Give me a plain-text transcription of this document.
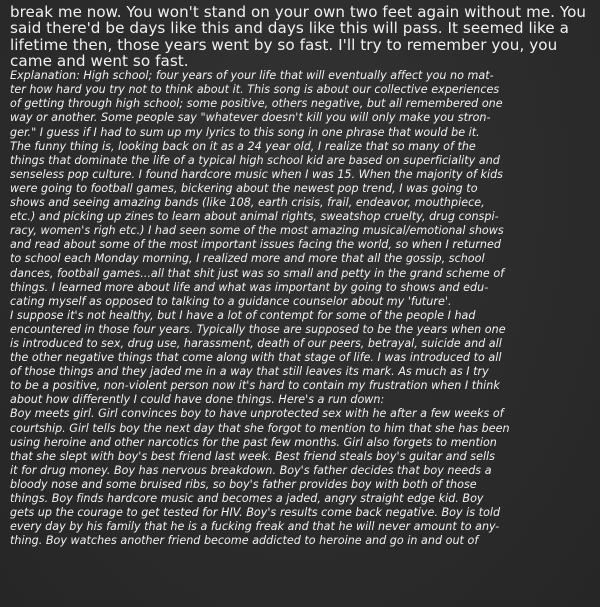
break me now. You won't stand on your own two feet again without me. You
said there'd be days like this and days like this will pass. It seemed like a
lifetime then, those years went by so fast. I'll try to remember you, you
came and went so fast.
Explanation: High school; four years of your life that will eventually affect you no mat-
ter how hard you try not to think about it. This song is about our collective experiences
of getting through high school; some positive, others negative, but all remembered one
way or another. Some people say "whatever doesn't kill you will only make you stron-
ger." I guess if I had to sum up my lyrics to this song in one phrase that would be it.
The funny thing is, looking back on it as a 24 year old, I realize that so many of the
things that dominate the life of a typical high school kid are based on superficiality and
senseless pop culture. I found hardcore music when I was 15. When the majority of kids
were going to football games, bickering about the newest pop trend, I was going to
shows and seeing amazing bands (like 108, earth crisis, frail, endeavor, mouthpiece,
etc.) and picking up zines to learn about animal rights, sweatshop cruelty, drug conspi-
racy, women's righ etc.) I had seen some of the most amazing musical/emotional shows
and read about some of the most important issues facing the world, so when I returned
to school each Monday morning, I realized more and more that all the gossip, school
dances, football games...all that shit just was so small and petty in the grand scheme of
things. I learned more about life and what was important by going to shows and edu-
cating myself as opposed to talking to a guidance counselor about my 'future'.
I suppose it's not healthy, but I have a lot of contempt for some of the people I had
encountered in those four years. Typically those are supposed to be the years when one
is introduced to sex, drug use, harassment, death of our peers, betrayal, suicide and all
the other negative things that come along with that stage of life. I was introduced to all
of those things and they jaded me in a way that still leaves its mark. As much as I try
to be a positive, non-violent person now it's hard to contain my frustration when I think
about how differently I could have done things. Here's a run down:
Boy meets girl. Girl convinces boy to have unprotected sex with he after a few weeks of
courtship. Girl tells boy the next day that she forgot to mention to him that she has been
using heroine and other narcotics for the past few months. Girl also forgets to mention
that she slept with boy's best friend last week. Best friend steals boy's guitar and sells
it for drug money. Boy has nervous breakdown. Boy's father decides that boy needs a
bloody nose and some bruised ribs, so boy's father provides boy with both of those
things. Boy finds hardcore music and becomes a jaded, angry straight edge kid. Boy
gets up the courage to get tested for HIV. Boy's results come back negative. Boy is told
every day by his family that he is a fucking freak and that he will never amount to any-
thing. Boy watches another friend become addicted to heroine and go in and out of
